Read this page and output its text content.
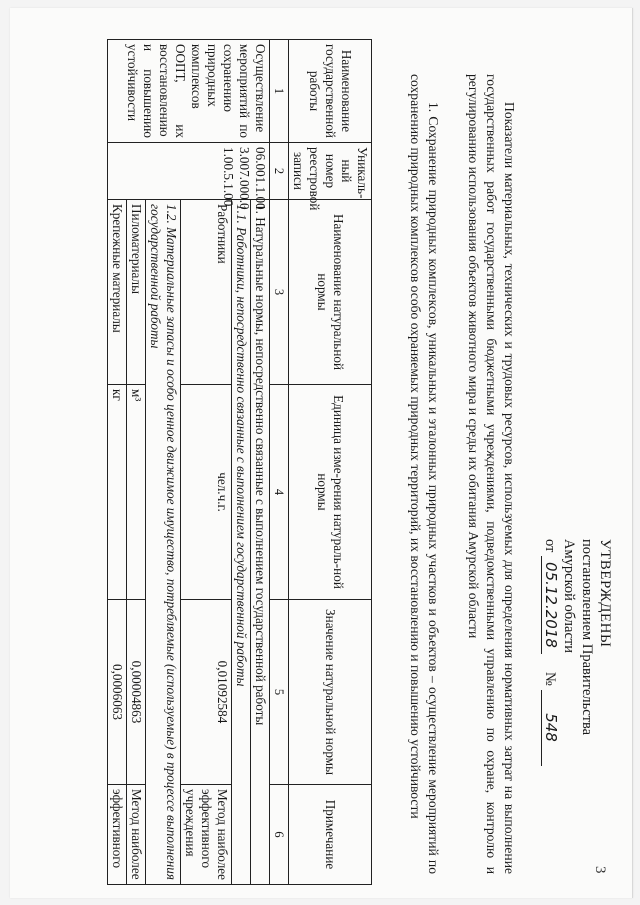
УТВЕРЖДЕНЫ
постановлением Правительства
Амурской области
от 05.12.2018     № 548

Показатели материальных, технических и трудовых ресурсов, используемых для определения нормативных затрат на выполнение государственных работ государственными бюджетными учреждениями, подведомственными управлению по охране, контролю и регулированию использования объектов животного мира и среды их обитания Амурской области

1. Сохранение природных комплексов, уникальных и эталонных природных участков и объектов – осуществление мероприятий по сохранению природных комплексов особо охраняемых природных территорий, их восстановлению и повышению устойчивости

Наименование государственной работы	Уникаль-ный номер реестровой записи	Наименование натуральной нормы	Единица изме-рения натураль-ной нормы	Значение натуральной нормы	Примечание
1	2	3	4	5	6
Осуществление мероприятий по сохранению природных комплексов ООПТ, их восстановлению и повышению устойчивости	06.001.1.00 3.007.000.0 1.00.5.1.00	1. Натуральные нормы, непосредственно связанные с выполнением государственной работы			
		1.1. Работники, непосредственно связанные с выполнением государственной работы			
		Работники	чел.ч.г.	0,01092584	Метод наиболее эффективного учреждения
		1.2. Материальные запасы и особо ценное движимое имущество, потребляемые (используемые) в процессе выполнения государственной работы			
		Пиломатериалы	м³	0,00004863	Метод наиболее
		Крепежные материалы	кг	0,0006063	эффективного
3
